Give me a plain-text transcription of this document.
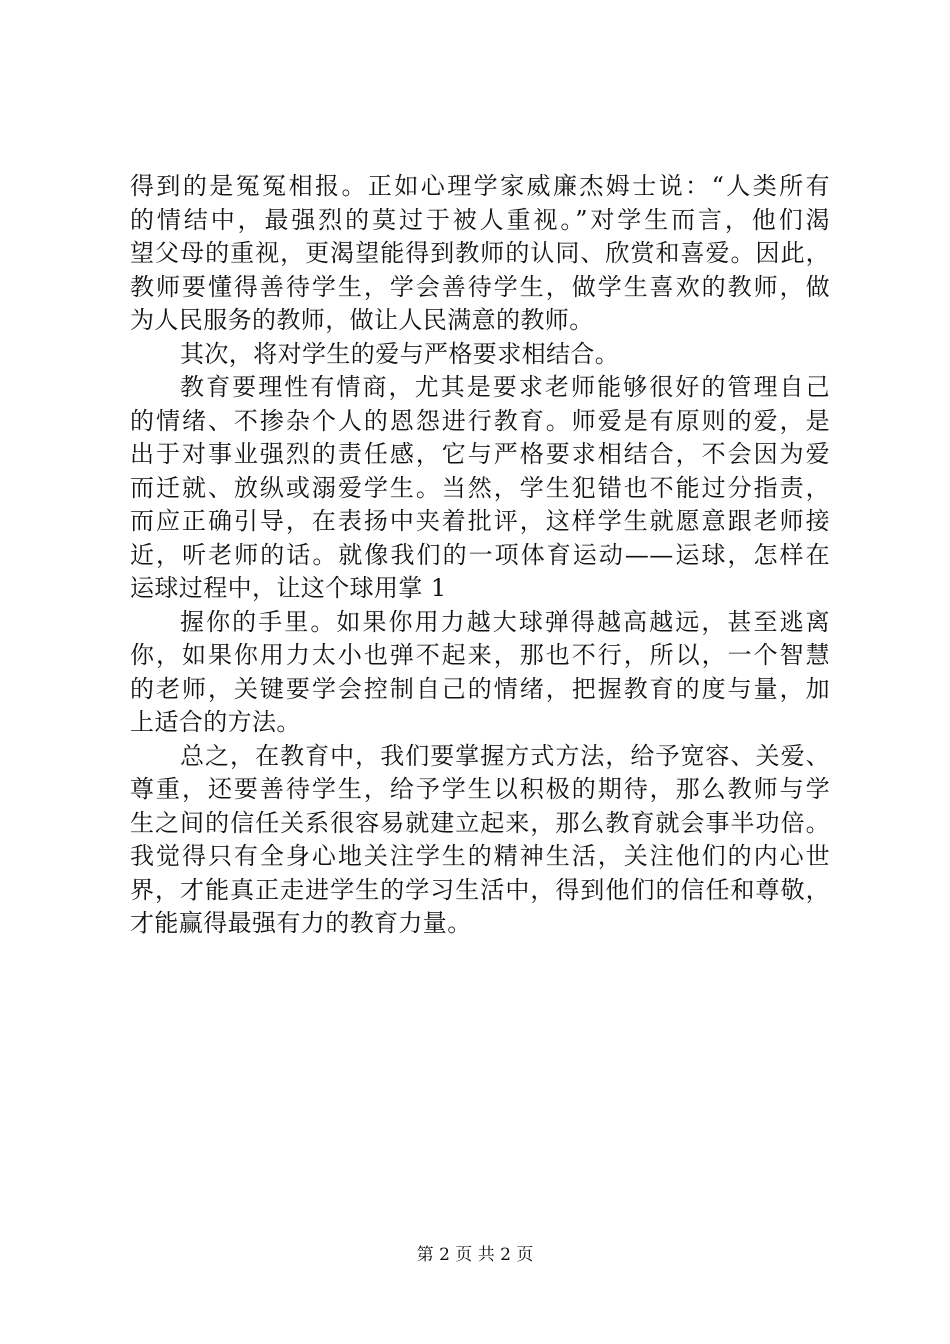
得到的是冤冤相报。正如心理学家威廉杰姆士说：“人类所有
的情结中，最强烈的莫过于被人重视。”对学生而言，他们渴
望父母的重视，更渴望能得到教师的认同、欣赏和喜爱。因此，
教师要懂得善待学生，学会善待学生，做学生喜欢的教师，做
为人民服务的教师，做让人民满意的教师。
其次，将对学生的爱与严格要求相结合。
教育要理性有情商，尤其是要求老师能够很好的管理自己
的情绪、不掺杂个人的恩怨进行教育。师爱是有原则的爱，是
出于对事业强烈的责任感，它与严格要求相结合，不会因为爱
而迁就、放纵或溺爱学生。当然，学生犯错也不能过分指责，
而应正确引导，在表扬中夹着批评，这样学生就愿意跟老师接
近，听老师的话。就像我们的一项体育运动——运球，怎样在
运球过程中，让这个球用掌 1
握你的手里。如果你用力越大球弹得越高越远，甚至逃离
你，如果你用力太小也弹不起来，那也不行，所以，一个智慧
的老师，关键要学会控制自己的情绪，把握教育的度与量，加
上适合的方法。
总之，在教育中，我们要掌握方式方法，给予宽容、关爱、
尊重，还要善待学生，给予学生以积极的期待，那么教师与学
生之间的信任关系很容易就建立起来，那么教育就会事半功倍。
我觉得只有全身心地关注学生的精神生活，关注他们的内心世
界，才能真正走进学生的学习生活中，得到他们的信任和尊敬，
才能赢得最强有力的教育力量。
第 2 页 共 2 页
